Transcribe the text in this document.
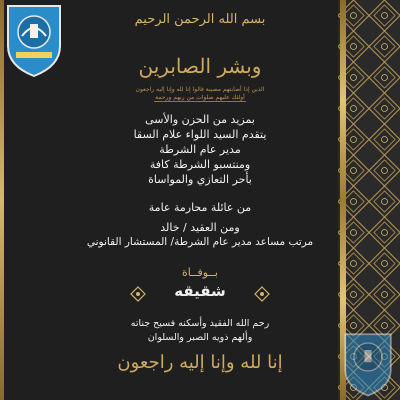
بسم الله الرحمن الرحيم
وبشر الصابرين
الذين إذا أصابتهم مصيبة قالوا إنا لله وإنا إليه راجعون
أولئك عليهم صلوات من ربهم ورحمة
بمزيد من الحزن والأسى
يتقدم السيد اللواء علام السقا
مدير عام الشرطة
ومنتسبو الشرطة كافة
بأحر التعازي والمواساة
من عائلة محارمة عامة
ومن العقيد / خالد
مرتب مساعد مدير عام الشرطة/ المستشار القانوني
بــوفــاة
شقيقه
رحم الله الفقيد وأسكنه فسيح جناته
وألهم ذويه الصبر والسلوان
إنا لله وإنا إليه راجعون
